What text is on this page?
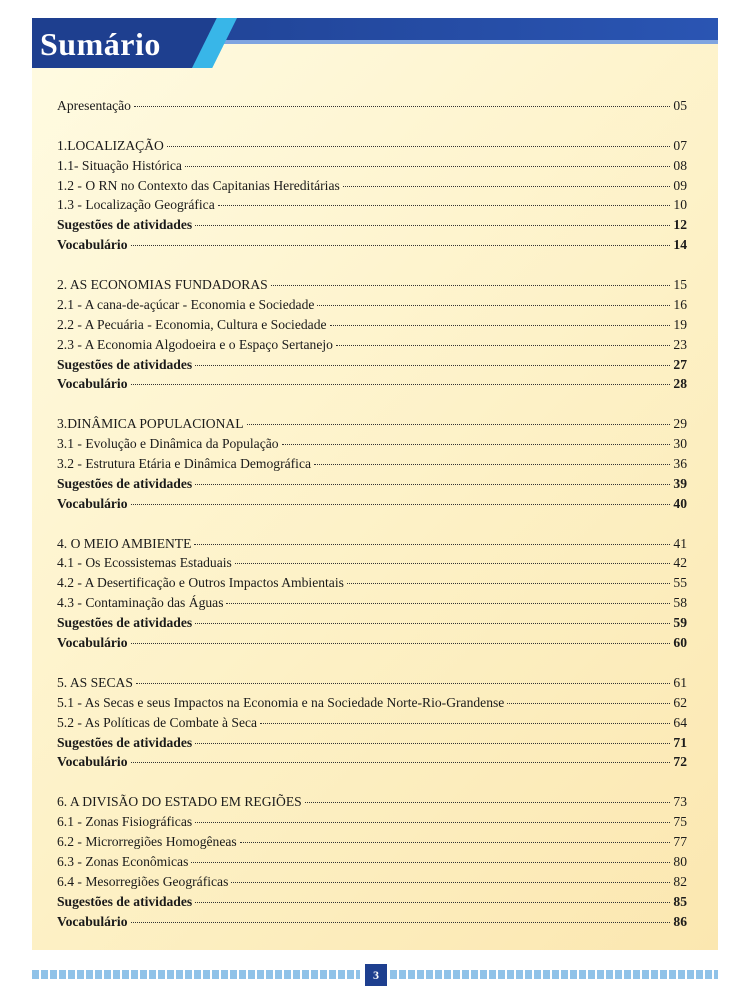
Sumário
Apresentação	05
1.LOCALIZAÇÃO	07
1.1- Situação Histórica	08
1.2 - O RN no Contexto das Capitanias Hereditárias	09
1.3 - Localização Geográfica	10
Sugestões de atividades	12
Vocabulário	14
2. AS ECONOMIAS FUNDADORAS	15
2.1 - A cana-de-açúcar - Economia e Sociedade	16
2.2 - A Pecuária - Economia, Cultura e Sociedade	19
2.3 - A Economia Algodoeira e o Espaço Sertanejo	23
Sugestões de atividades	27
Vocabulário	28
3.DINÂMICA POPULACIONAL	29
3.1 - Evolução e Dinâmica da População	30
3.2 - Estrutura Etária e Dinâmica Demográfica	36
Sugestões de atividades	39
Vocabulário	40
4. O MEIO AMBIENTE	41
4.1 - Os Ecossistemas Estaduais	42
4.2 - A Desertificação e Outros Impactos Ambientais	55
4.3 - Contaminação das Águas	58
Sugestões de atividades	59
Vocabulário	60
5. AS SECAS	61
5.1 - As Secas e seus Impactos na Economia e na Sociedade Norte-Rio-Grandense	62
5.2 - As Políticas de Combate à Seca	64
Sugestões de atividades	71
Vocabulário	72
6. A DIVISÃO DO ESTADO EM REGIÕES	73
6.1 - Zonas Fisiográficas	75
6.2 - Microrregiões Homogêneas	77
6.3 - Zonas Econômicas	80
6.4 - Mesorregiões Geográficas	82
Sugestões de atividades	85
Vocabulário	86
3
